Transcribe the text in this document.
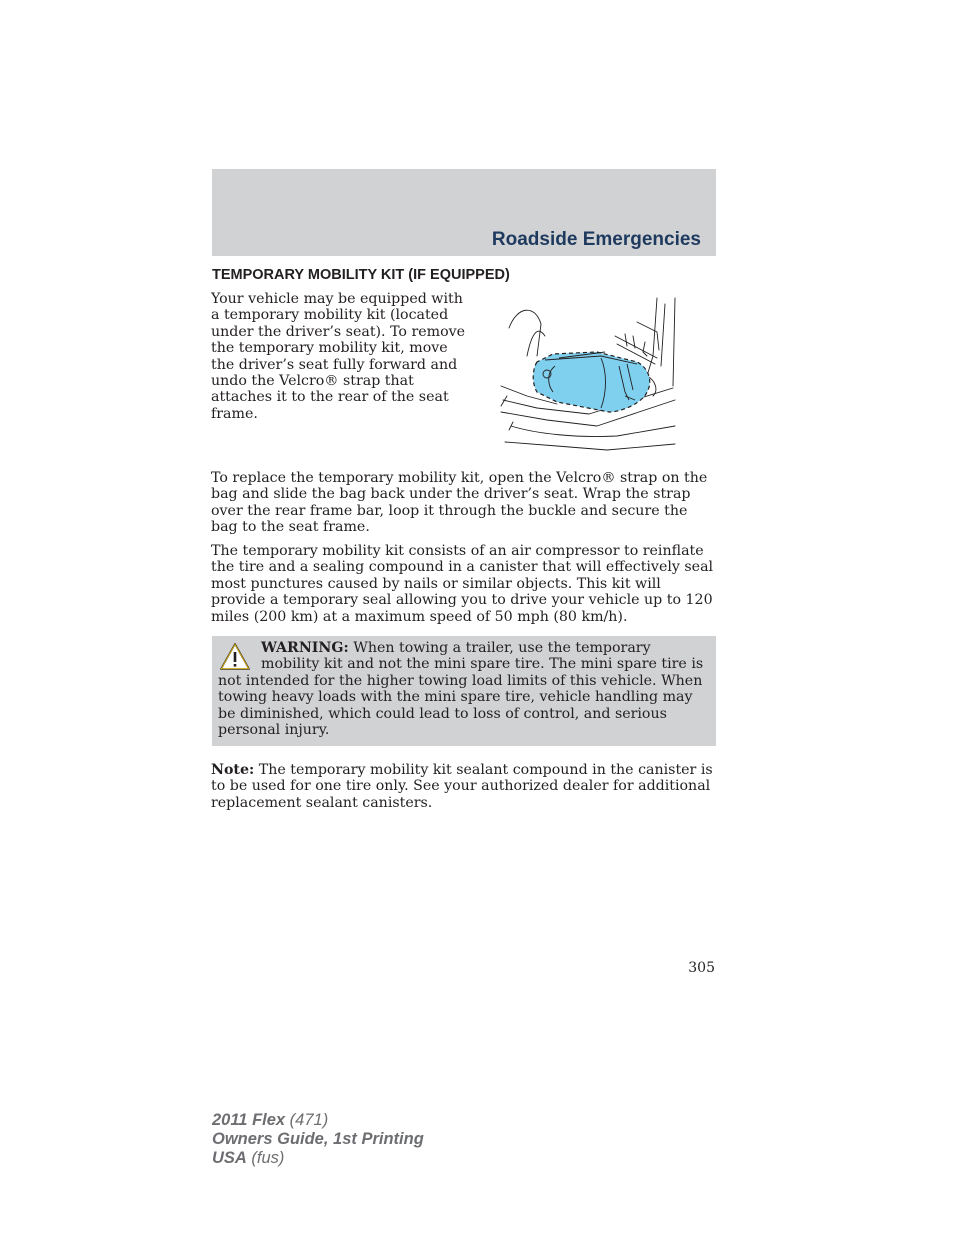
Roadside Emergencies
TEMPORARY MOBILITY KIT (IF EQUIPPED)

Your vehicle may be equipped with a temporary mobility kit (located under the driver’s seat). To remove the temporary mobility kit, move the driver’s seat fully forward and undo the Velcro® strap that attaches it to the rear of the seat frame.

To replace the temporary mobility kit, open the Velcro® strap on the bag and slide the bag back under the driver’s seat. Wrap the strap over the rear frame bar, loop it through the buckle and secure the bag to the seat frame.

The temporary mobility kit consists of an air compressor to reinflate the tire and a sealing compound in a canister that will effectively seal most punctures caused by nails or similar objects. This kit will provide a temporary seal allowing you to drive your vehicle up to 120 miles (200 km) at a maximum speed of 50 mph (80 km/h).

WARNING: When towing a trailer, use the temporary mobility kit and not the mini spare tire. The mini spare tire is not intended for the higher towing load limits of this vehicle. When towing heavy loads with the mini spare tire, vehicle handling may be diminished, which could lead to loss of control, and serious personal injury.

Note: The temporary mobility kit sealant compound in the canister is to be used for one tire only. See your authorized dealer for additional replacement sealant canisters.

305
2011 Flex (471)
Owners Guide, 1st Printing
USA (fus)
